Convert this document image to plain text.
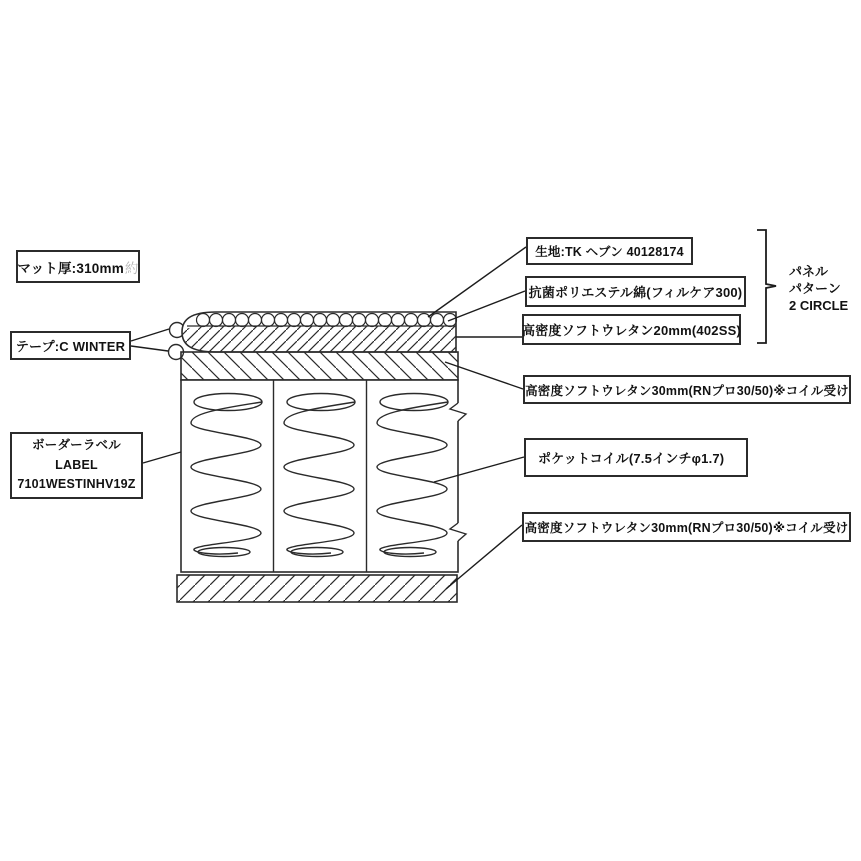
マット厚:310mm 約
テープ:C WINTER
ボーダーラベル
LABEL
7101WESTINHV19Z
生地:TK ヘブン 40128174
抗菌ポリエステル綿(フィルケア300)
高密度ソフトウレタン20mm(402SS)
高密度ソフトウレタン30mm(RNプロ30/50)※コイル受け
ポケットコイル(7.5インチφ1.7)
高密度ソフトウレタン30mm(RNプロ30/50)※コイル受け
パネル
パターン
2 CIRCLE
